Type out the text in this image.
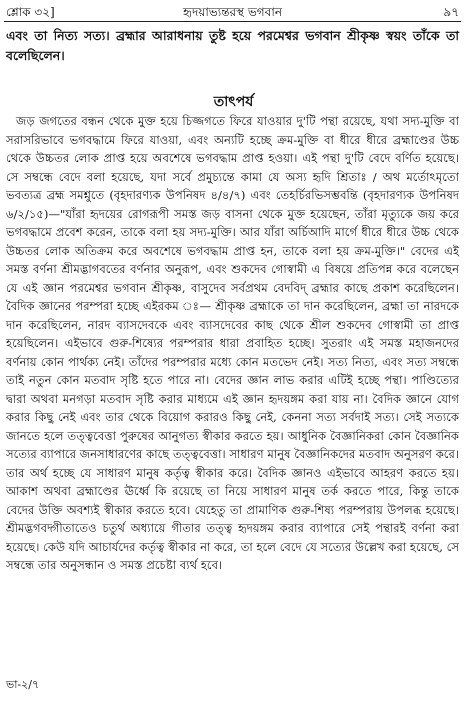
শ্লোক ৩২]	হৃদয়াভ্যন্তরস্থ ভগবান	৯৭
এবং তা নিত্য সত্য। ব্রহ্মার আরাধনায় তুষ্ট হয়ে পরমেশ্বর ভগবান শ্রীকৃষ্ণ স্বয়ং তাঁকে তা বলেছিলেন।
তাৎপর্য
জড় জগতের বন্ধন থেকে মুক্ত হয়ে চিজ্জগতে ফিরে যাওয়ার দু'টি পন্থা রয়েছে, যথা সদ্য-মুক্তি বা সরাসরিভাবে ভগবদ্ধামে ফিরে যাওয়া, এবং অন্যটি হচ্ছে ক্রম-মুক্তি বা ধীরে ধীরে ব্রহ্মাণ্ডের উচ্চ থেকে উচ্চতর লোক প্রাপ্ত হয়ে অবশেষে ভগবদ্ধাম প্রাপ্ত হওয়া। এই পন্থা দু'টি বেদে বর্ণিত হয়েছে। সে সম্বন্ধে বেদে বলা হয়েছে, যদা সর্বে প্রমুচ্যন্তে কামা যে অস্য হৃদি শ্রিতাঃ / অথ মর্তোঽমৃতো ভবত্যত্র ব্রহ্ম সমশ্নুতে (বৃহদারণ্যক উপনিষদ ৪/৪/৭) এবং তেহর্চিরভিসম্ভবন্তি (বৃহদারণ্যক উপনিষদ ৬/২/১৫)—"যাঁরা হৃদয়ের রোগরূপী সমস্ত জড় বাসনা থেকে মুক্ত হয়েছেন, তাঁরা মৃত্যুকে জয় করে ভগবদ্ধামে প্রবেশ করেন, তাকে বলা হয় সদ্য-মুক্তি। আর যাঁরা অর্চিআদি মার্গে ধীরে ধীরে উচ্চ থেকে উচ্চতর লোক অতিক্রম করে অবশেষে ভগবদ্ধাম প্রাপ্ত হন, তাকে বলা হয় ক্রম-মুক্তি।" বেদের এই সমস্ত বর্ণনা শ্রীমদ্ভাগবতের বর্ণনার অনুরূপ, এবং শুকদেব গোস্বামী এ বিষয়ে প্রতিপন্ন করে বলেছেন যে এই জ্ঞান পরমেশ্বর ভগবান শ্রীকৃষ্ণ, বাসুদেব সর্বপ্রথম বেদবিদ্ ব্রহ্মার কাছে প্রকাশ করেছিলেন। বৈদিক জ্ঞানের পরম্পরা হচ্ছে এইরকম ঃ— শ্রীকৃষ্ণ ব্রহ্মাকে তা দান করেছিলেন, ব্রহ্মা তা নারদকে দান করেছিলেন, নারদ ব্যাসদেবকে এবং ব্যাসদেবের কাছ থেকে শ্রীল শুকদেব গোস্বামী তা প্রাপ্ত হয়েছিলেন। এইভাবে গুরু-শিষ্যের পরম্পরার ধারা প্রবাহিত হচ্ছে। সুতরাং এই সমস্ত মহাজনদের বর্ণনায় কোন পার্থক্য নেই। তাঁদের পরম্পরার মধ্যে কোন মতভেদ নেই। সত্য নিত্য, এবং সত্য সম্বন্ধে তাই নতুন কোন মতবাদ সৃষ্টি হতে পারে না। বেদের জ্ঞান লাভ করার এটিই হচ্ছে পন্থা। পাণ্ডিত্যের দ্বারা অথবা মনগড়া মতবাদ সৃষ্টি করার মাধ্যমে এই জ্ঞান হৃদয়ঙ্গম করা যায় না। বৈদিক জ্ঞানে যোগ করার কিছু নেই এবং তার থেকে বিয়োগ করারও কিছু নেই, কেননা সত্য সর্বদাই সত্য। সেই সত্যকে জানতে হলে তত্ত্ববেত্তা পুরুষের আনুগত্য স্বীকার করতে হয়। আধুনিক বৈজ্ঞানিকরা কোন বৈজ্ঞানিক সত্যের ব্যাপারে জনসাধারণের কাছে তত্ত্ববেত্তা। সাধারণ মানুষ বৈজ্ঞানিকদের মতবাদ অনুসরণ করে। তার অর্থ হচ্ছে যে সাধারণ মানুষ কর্তৃত্ব স্বীকার করে। বৈদিক জ্ঞানও এইভাবে আহরণ করতে হয়। আকাশ অথবা ব্রহ্মাণ্ডের ঊর্ধ্বে কি রয়েছে তা নিয়ে সাধারণ মানুষ তর্ক করতে পারে, কিন্তু তাকে বেদের উক্তি অবশ্যই স্বীকার করতে হবে। যেহেতু তা প্রামাণিক গুরু-শিষ্য পরম্পরায় উপলব্ধ হয়েছে। শ্রীমদ্ভগবদ্গীতাতেও চতুর্থ অধ্যায়ে গীতার তত্ত্ব হৃদয়ঙ্গম করার ব্যাপারে সেই পন্থারই বর্ণনা করা হয়েছে। কেউ যদি আচার্যদের কর্তৃত্ব স্বীকার না করে, তা হলে বেদে যে সত্যের উল্লেখ করা হয়েছে, সে সম্বন্ধে তার অনুসন্ধান ও সমস্ত প্রচেষ্টা ব্যর্থ হবে।
ভা-২/৭
